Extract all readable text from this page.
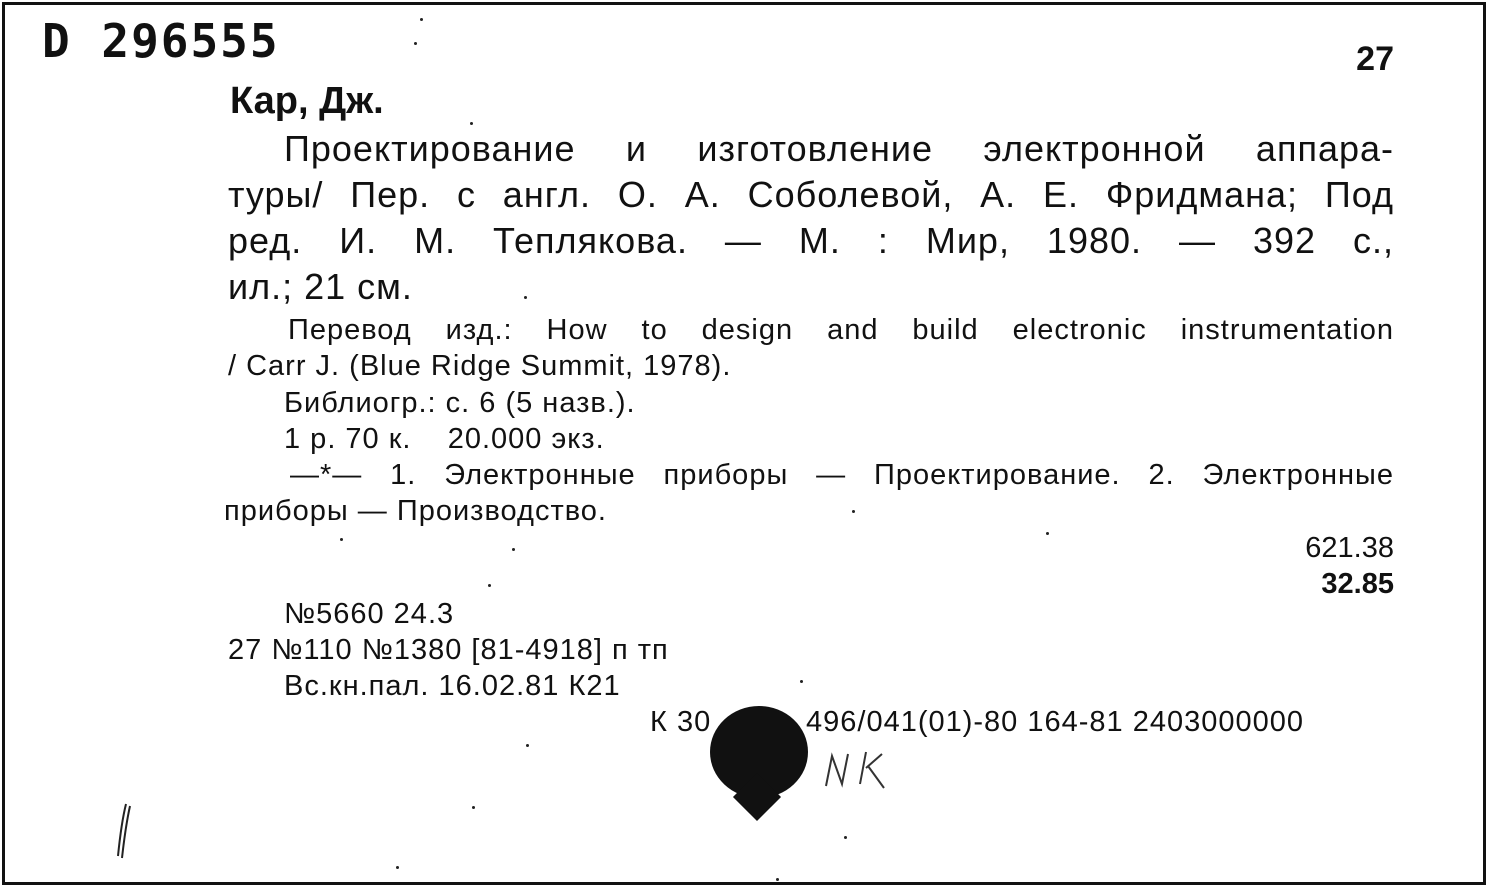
D 296555	27
Кар, Дж.
Проектирование и изготовление электронной аппара-
туры/ Пер. с англ. О. А. Соболевой, А. Е. Фридмана; Под
ред. И. М. Теплякова. — М. : Мир, 1980. — 392 с.,
ил.; 21 см.
Перевод изд.: How to design and build electronic instrumentation
/ Carr J. (Blue Ridge Summit, 1978).
Библиогр.: с. 6 (5 назв.).
1 р. 70 к.    20.000 экз.
—*— 1. Электронные приборы — Проектирование. 2. Электронные
приборы — Производство.
621.38
32.85
№5660 24.3
27 №110 №1380 [81-4918] п тп
Вс.кн.пал. 16.02.81 К21
К 30	496/041(01)-80 164-81 2403000000
